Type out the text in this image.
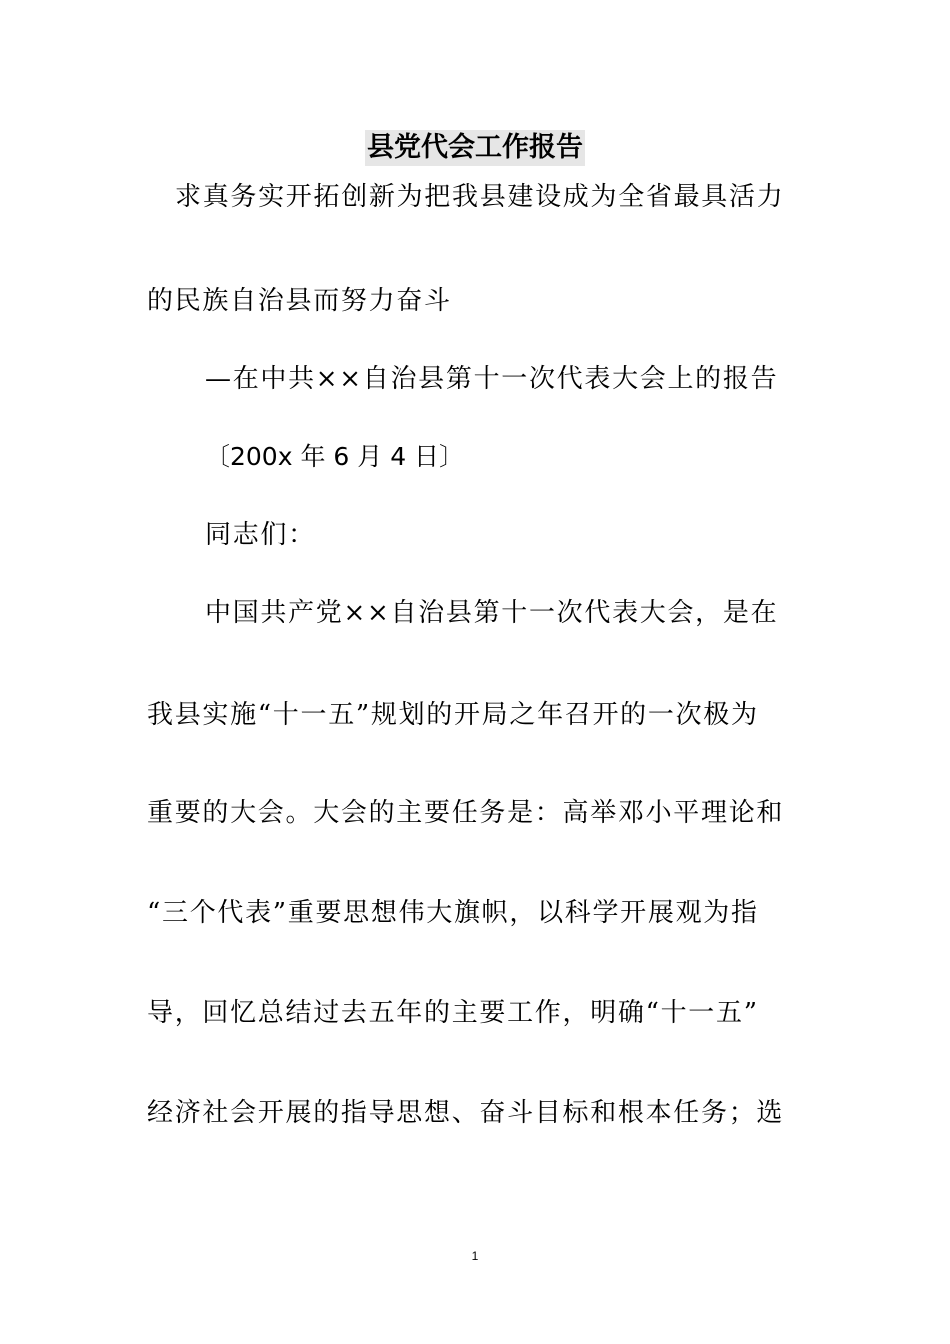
县党代会工作报告
求真务实开拓创新为把我县建设成为全省最具活力
的民族自治县而努力奋斗
—在中共××自治县第十一次代表大会上的报告
〔200x 年 6 月 4 日〕
同志们：
中国共产党××自治县第十一次代表大会，是在
我县实施“十一五”规划的开局之年召开的一次极为
重要的大会。大会的主要任务是：高举邓小平理论和
“三个代表”重要思想伟大旗帜，以科学开展观为指
导，回忆总结过去五年的主要工作，明确“十一五”
经济社会开展的指导思想、奋斗目标和根本任务；选
1
